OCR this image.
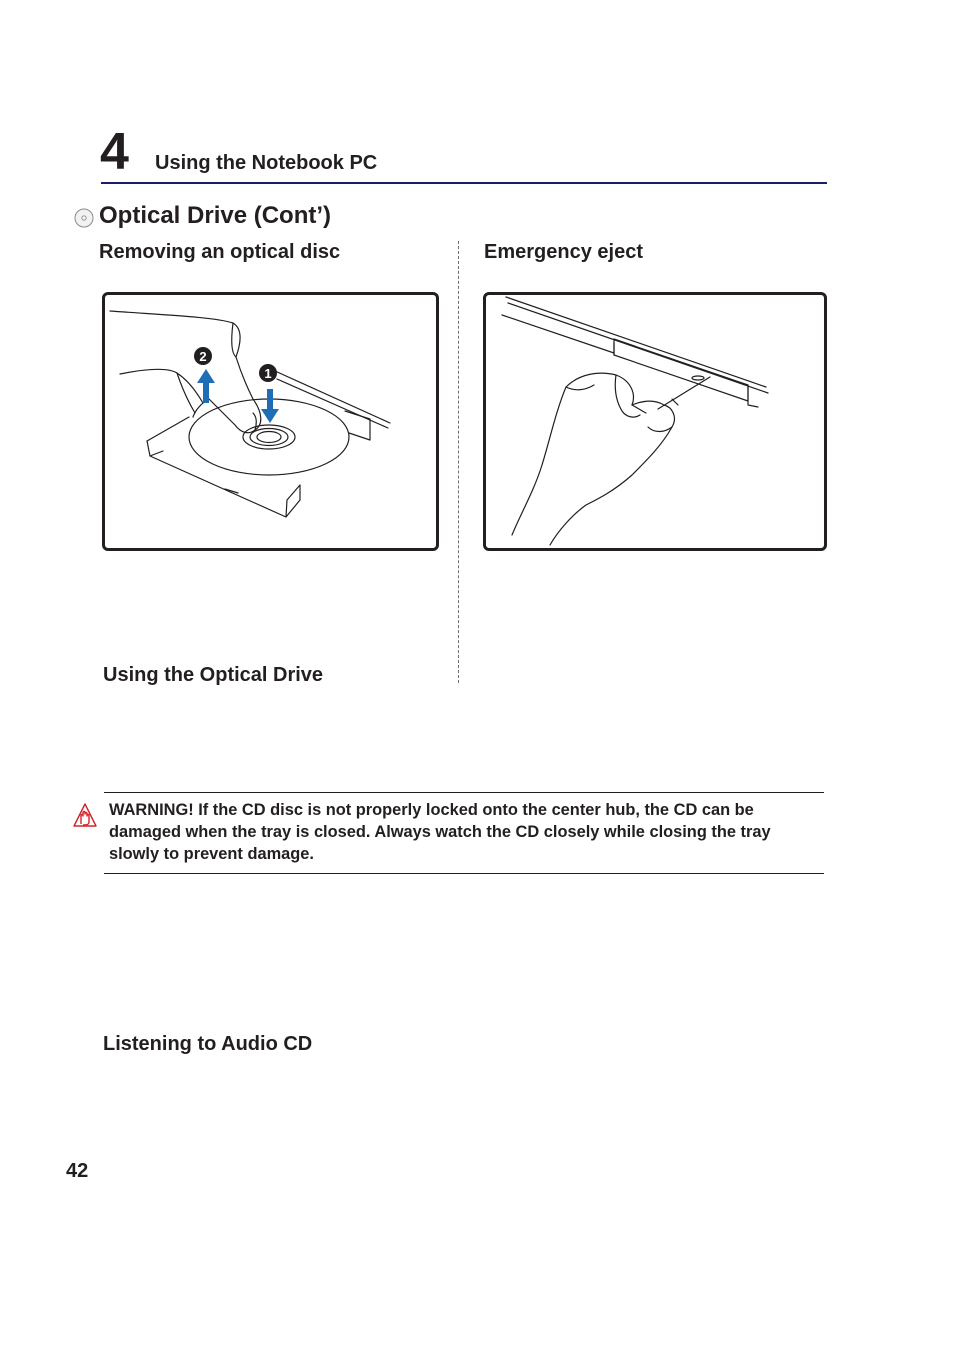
4 Using the Notebook PC
Optical Drive (Cont’)
Removing an optical disc
2
1
Using the Optical Drive
Emergency eject
WARNING! If the CD disc is not properly locked onto the center hub, the CD can be damaged when the tray is closed. Always watch the CD closely while closing the tray slowly to prevent damage.
Listening to Audio CD
42
